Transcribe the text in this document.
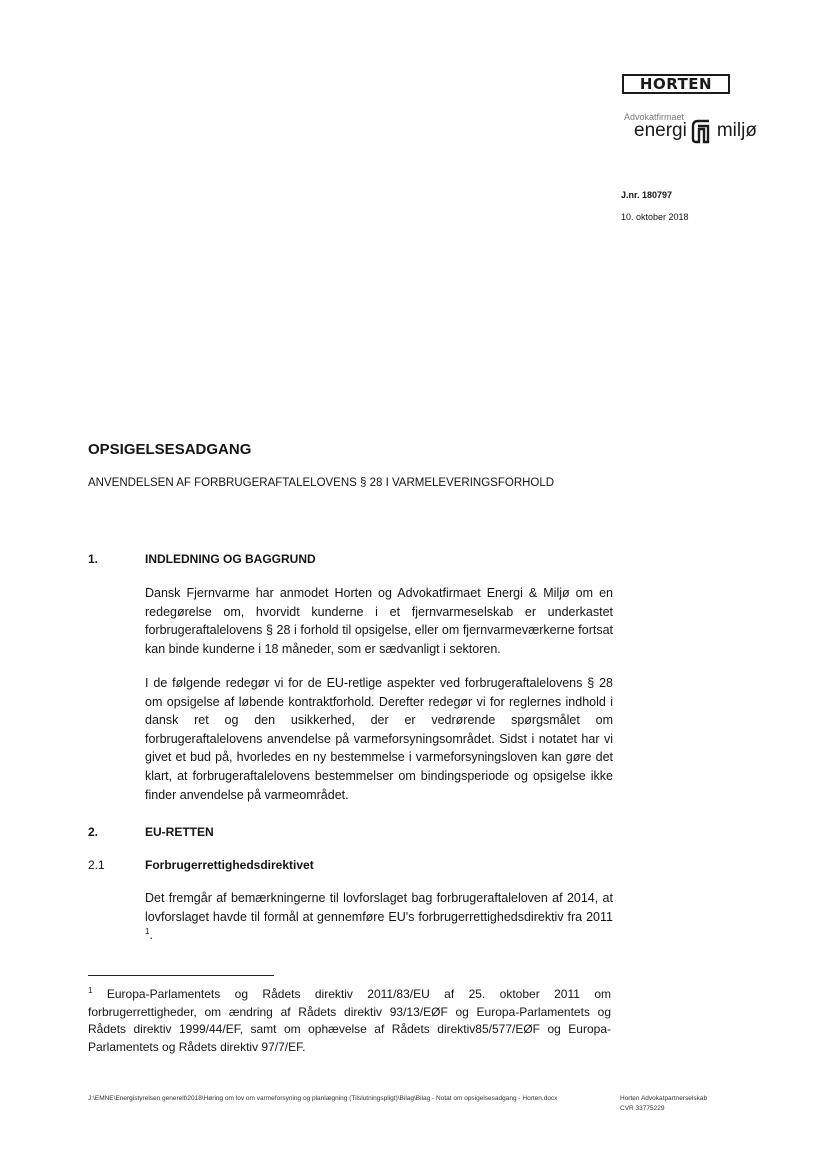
HORTEN
Advokatfirmaet
energi miljø
J.nr. 180797
10. oktober 2018
OPSIGELSESADGANG
ANVENDELSEN AF FORBRUGERAFTALELOVENS § 28 I VARMELEVERINGSFORHOLD
1.	INDLEDNING OG BAGGRUND

Dansk Fjernvarme har anmodet Horten og Advokatfirmaet Energi & Miljø om en redegørelse om, hvorvidt kunderne i et fjernvarmeselskab er underkastet forbrugeraftalelovens § 28 i forhold til opsigelse, eller om fjernvarmeværkerne fortsat kan binde kunderne i 18 måneder, som er sædvanligt i sektoren.

I de følgende redegør vi for de EU-retlige aspekter ved forbrugeraftalelovens § 28 om opsigelse af løbende kontraktforhold. Derefter redegør vi for reglernes indhold i dansk ret og den usikkerhed, der er vedrørende spørgsmålet om forbrugeraftalelovens anvendelse på varmeforsyningsområdet. Sidst i notatet har vi givet et bud på, hvorledes en ny bestemmelse i varmeforsyningsloven kan gøre det klart, at forbrugeraftalelovens bestemmelser om bindingsperiode og opsigelse ikke finder anvendelse på varmeområdet.

2.	EU-RETTEN
2.1	Forbrugerrettighedsdirektivet

Det fremgår af bemærkningerne til lovforslaget bag forbrugeraftaleloven af 2014, at lovforslaget havde til formål at gennemføre EU's forbrugerrettighedsdirektiv fra 2011 $^1$.

$^1$ Europa-Parlamentets og Rådets direktiv 2011/83/EU af 25. oktober 2011 om forbrugerrettigheder, om ændring af Rådets direktiv 93/13/EØF og Europa-Parlamentets og Rådets direktiv 1999/44/EF, samt om ophævelse af Rådets direktiv85/577/EØF og Europa-Parlamentets og Rådets direktiv 97/7/EF.

J:\EMNE\Energistyrelsen generelt\2018\Høring om lov om varmeforsyning og planlægning (Tilslutningspligt)\Bilag\Bilag - Notat om opsigelsesadgang - Horten.docx	Horten Advokatpartnerselskab
CVR 33775229
